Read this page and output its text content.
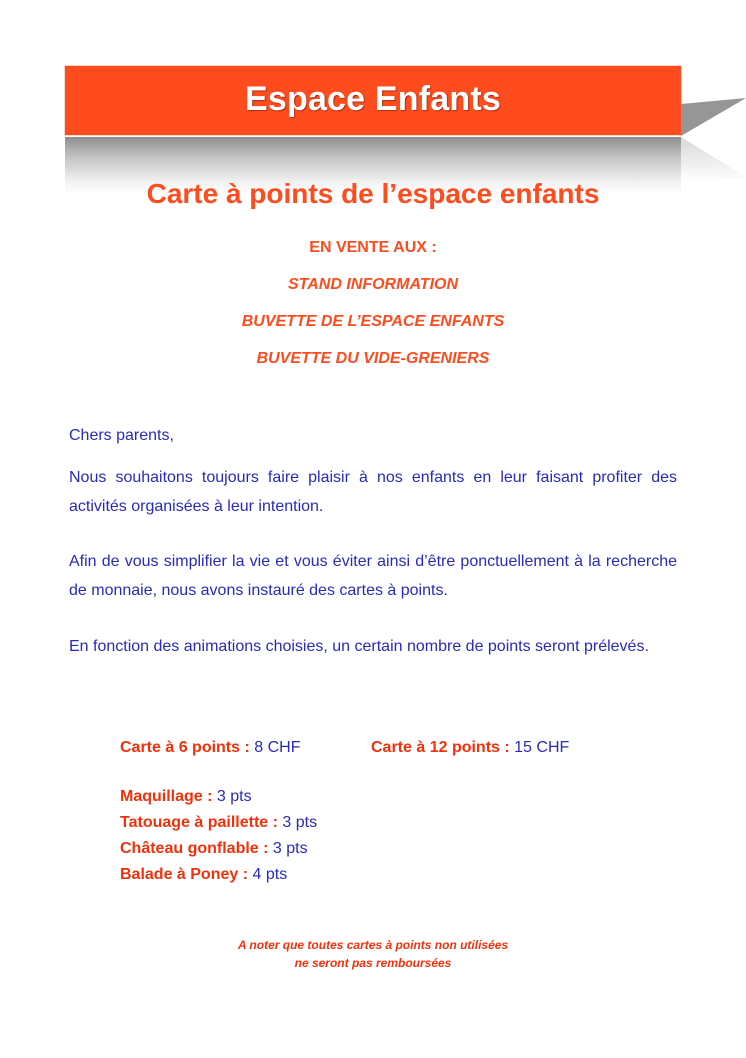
Espace Enfants
Carte à points de l’espace enfants
EN VENTE AUX :
STAND INFORMATION
BUVETTE DE L’ESPACE ENFANTS
BUVETTE DU VIDE-GRENIERS
Chers parents,
Nous souhaitons toujours faire plaisir à nos enfants en leur faisant profiter des activités organisées à leur intention.
Afin de vous simplifier la vie et vous éviter ainsi d’être ponctuellement à la recherche de monnaie, nous avons instauré des cartes à points.
En fonction des animations choisies, un certain nombre de points seront prélevés.
Carte à 6 points : 8 CHF	Carte à 12 points : 15 CHF
Maquillage : 3 pts
Tatouage à paillette : 3 pts
Château gonflable : 3 pts
Balade à Poney : 4 pts
A noter que toutes cartes à points non utilisées
ne seront pas remboursées
